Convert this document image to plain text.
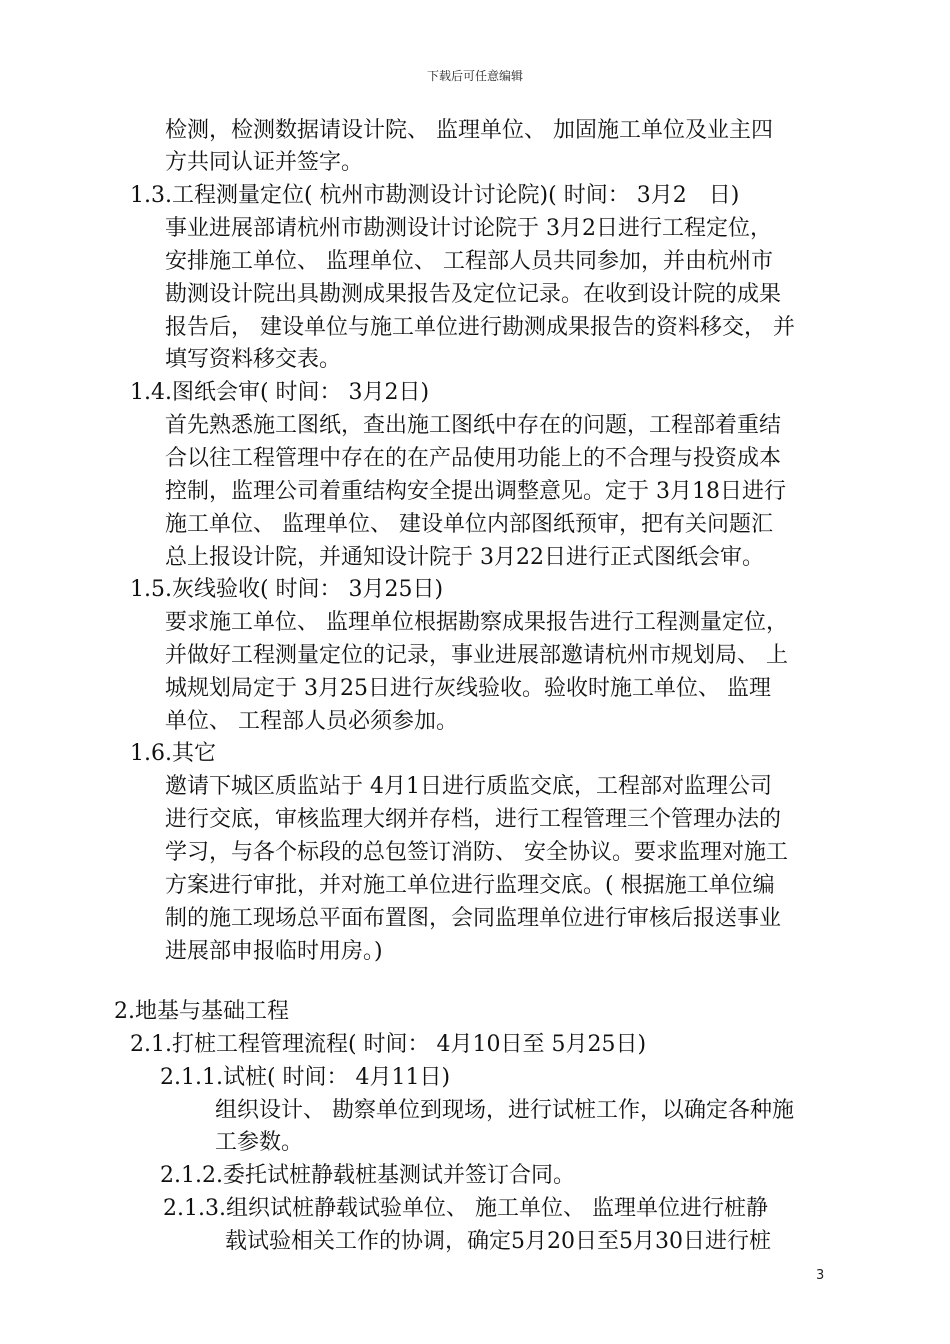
下载后可任意编辑
检测，检测数据请设计院、 监理单位、 加固施工单位及业主四
方共同认证并签字。
1.3.工程测量定位( 杭州市勘测设计讨论院)( 时间： 3月2　日)
事业进展部请杭州市勘测设计讨论院于 3月2日进行工程定位，
安排施工单位、 监理单位、 工程部人员共同参加，并由杭州市
勘测设计院出具勘测成果报告及定位记录。在收到设计院的成果
报告后， 建设单位与施工单位进行勘测成果报告的资料移交， 并
填写资料移交表。
1.4.图纸会审( 时间： 3月2日)
首先熟悉施工图纸，查出施工图纸中存在的问题，工程部着重结
合以往工程管理中存在的在产品使用功能上的不合理与投资成本
控制，监理公司着重结构安全提出调整意见。定于 3月18日进行
施工单位、 监理单位、 建设单位内部图纸预审，把有关问题汇
总上报设计院，并通知设计院于 3月22日进行正式图纸会审。
1.5.灰线验收( 时间： 3月25日)
要求施工单位、 监理单位根据勘察成果报告进行工程测量定位，
并做好工程测量定位的记录，事业进展部邀请杭州市规划局、 上
城规划局定于 3月25日进行灰线验收。验收时施工单位、 监理
单位、 工程部人员必须参加。
1.6.其它
邀请下城区质监站于 4月1日进行质监交底，工程部对监理公司
进行交底，审核监理大纲并存档，进行工程管理三个管理办法的
学习，与各个标段的总包签订消防、 安全协议。要求监理对施工
方案进行审批，并对施工单位进行监理交底。( 根据施工单位编
制的施工现场总平面布置图，会同监理单位进行审核后报送事业
进展部申报临时用房。)
2.地基与基础工程
2.1.打桩工程管理流程( 时间： 4月10日至 5月25日)
2.1.1.试桩( 时间： 4月11日)
组织设计、 勘察单位到现场，进行试桩工作，以确定各种施
工参数。
2.1.2.委托试桩静载桩基测试并签订合同。
2.1.3.组织试桩静载试验单位、 施工单位、 监理单位进行桩静
载试验相关工作的协调，确定5月20日至5月30日进行桩
3
